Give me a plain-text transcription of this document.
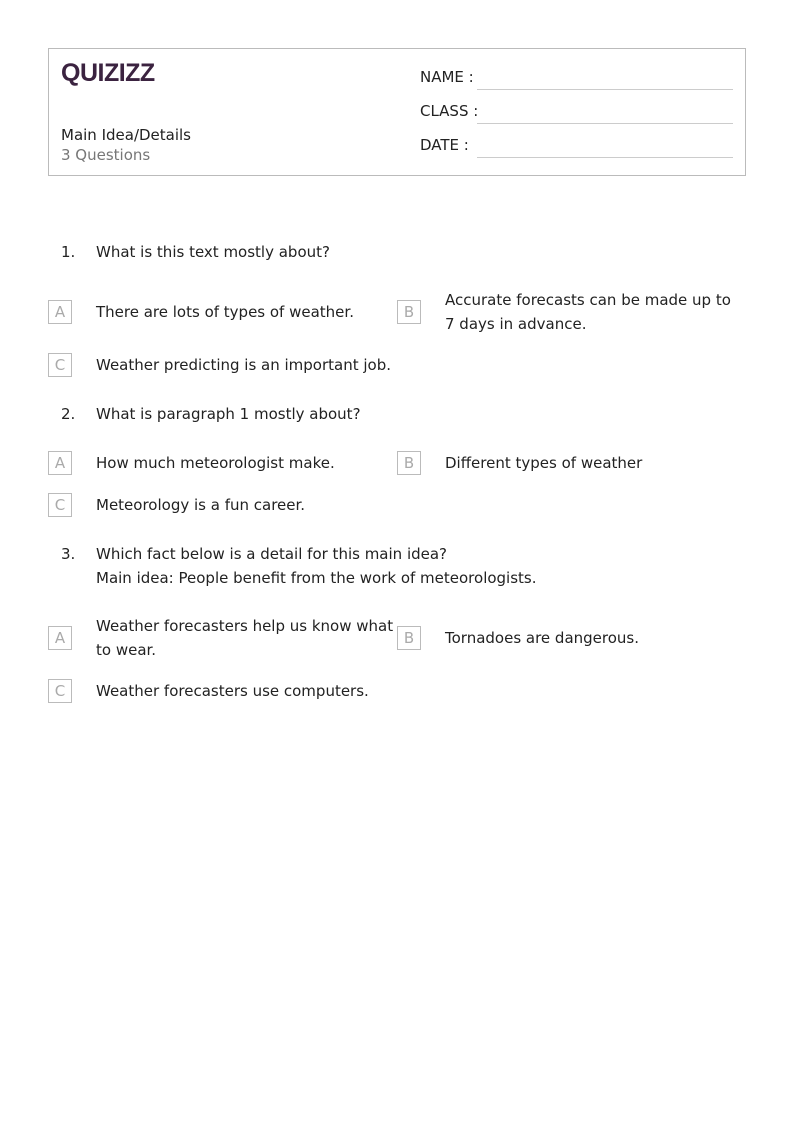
QUIZIZZ
Main Idea/Details
3 Questions
NAME :
CLASS :
DATE :
1. What is this text mostly about?
A	There are lots of types of weather.	B
Accurate forecasts can be made up to 7 days in advance.
C	Weather predicting is an important job.
2. What is paragraph 1 mostly about?
A	How much meteorologist make.	B	Different types of weather
C	Meteorology is a fun career.
3. Which fact below is a detail for this main idea?
Main idea: People benefit from the work of meteorologists.
A
Weather forecasters help us know what to wear.
B	Tornadoes are dangerous.
C	Weather forecasters use computers.
